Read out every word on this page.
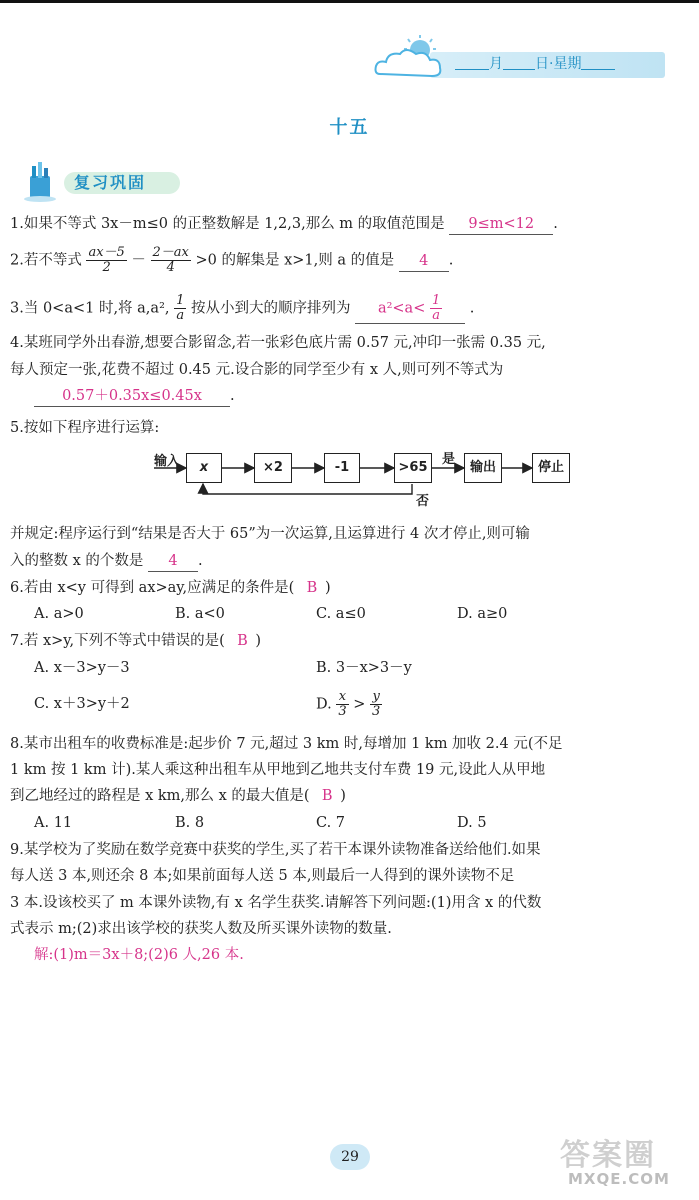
月 日·星期
十五
复习巩固
1.如果不等式 3x－m≤0 的正整数解是 1,2,3,那么 m 的取值范围是 9≤m<12 .
2.若不等式 $\frac{ax-5}{2} - \frac{2-ax}{4} >0$ 的解集是 x>1,则 a 的值是 4 .
3.当 0<a<1 时,将 a,a², $\frac{1}{a}$ 按从小到大的顺序排列为 $a^2<a< \frac{1}{a}$ .
4.某班同学外出春游,想要合影留念,若一张彩色底片需 0.57 元,冲印一张需 0.35 元,
每人预定一张,花费不超过 0.45 元.设合影的同学至少有 x 人,则可列不等式为
0.57＋0.35x≤0.45x .
5.按如下程序进行运算:
输入	x	×2	-1	>65
是
输出	停止
否
并规定:程序运行到“结果是否大于 65”为一次运算,且运算进行 4 次才停止,则可输
入的整数 x 的个数是 4 .
6.若由 x<y 可得到 ax>ay,应满足的条件是( B )
A. a>0	B. a<0	C. a≤0	D. a≥0
7.若 x>y,下列不等式中错误的是( B )
A. x－3>y－3	B. 3－x>3－y
C. x＋3>y＋2	D. $\frac{x}{3} > \frac{y}{3}$
8.某市出租车的收费标准是:起步价 7 元,超过 3 km 时,每增加 1 km 加收 2.4 元(不足
1 km 按 1 km 计).某人乘这种出租车从甲地到乙地共支付车费 19 元,设此人从甲地
到乙地经过的路程是 x km,那么 x 的最大值是( B )
A. 11	B. 8	C. 7	D. 5
9.某学校为了奖励在数学竞赛中获奖的学生,买了若干本课外读物准备送给他们.如果
每人送 3 本,则还余 8 本;如果前面每人送 5 本,则最后一人得到的课外读物不足
3 本.设该校买了 m 本课外读物,有 x 名学生获奖.请解答下列问题:(1)用含 x 的代数
式表示 m;(2)求出该学校的获奖人数及所买课外读物的数量.
解:(1)m＝3x＋8;(2)6 人,26 本.
29	答案圈
MXQE.COM
